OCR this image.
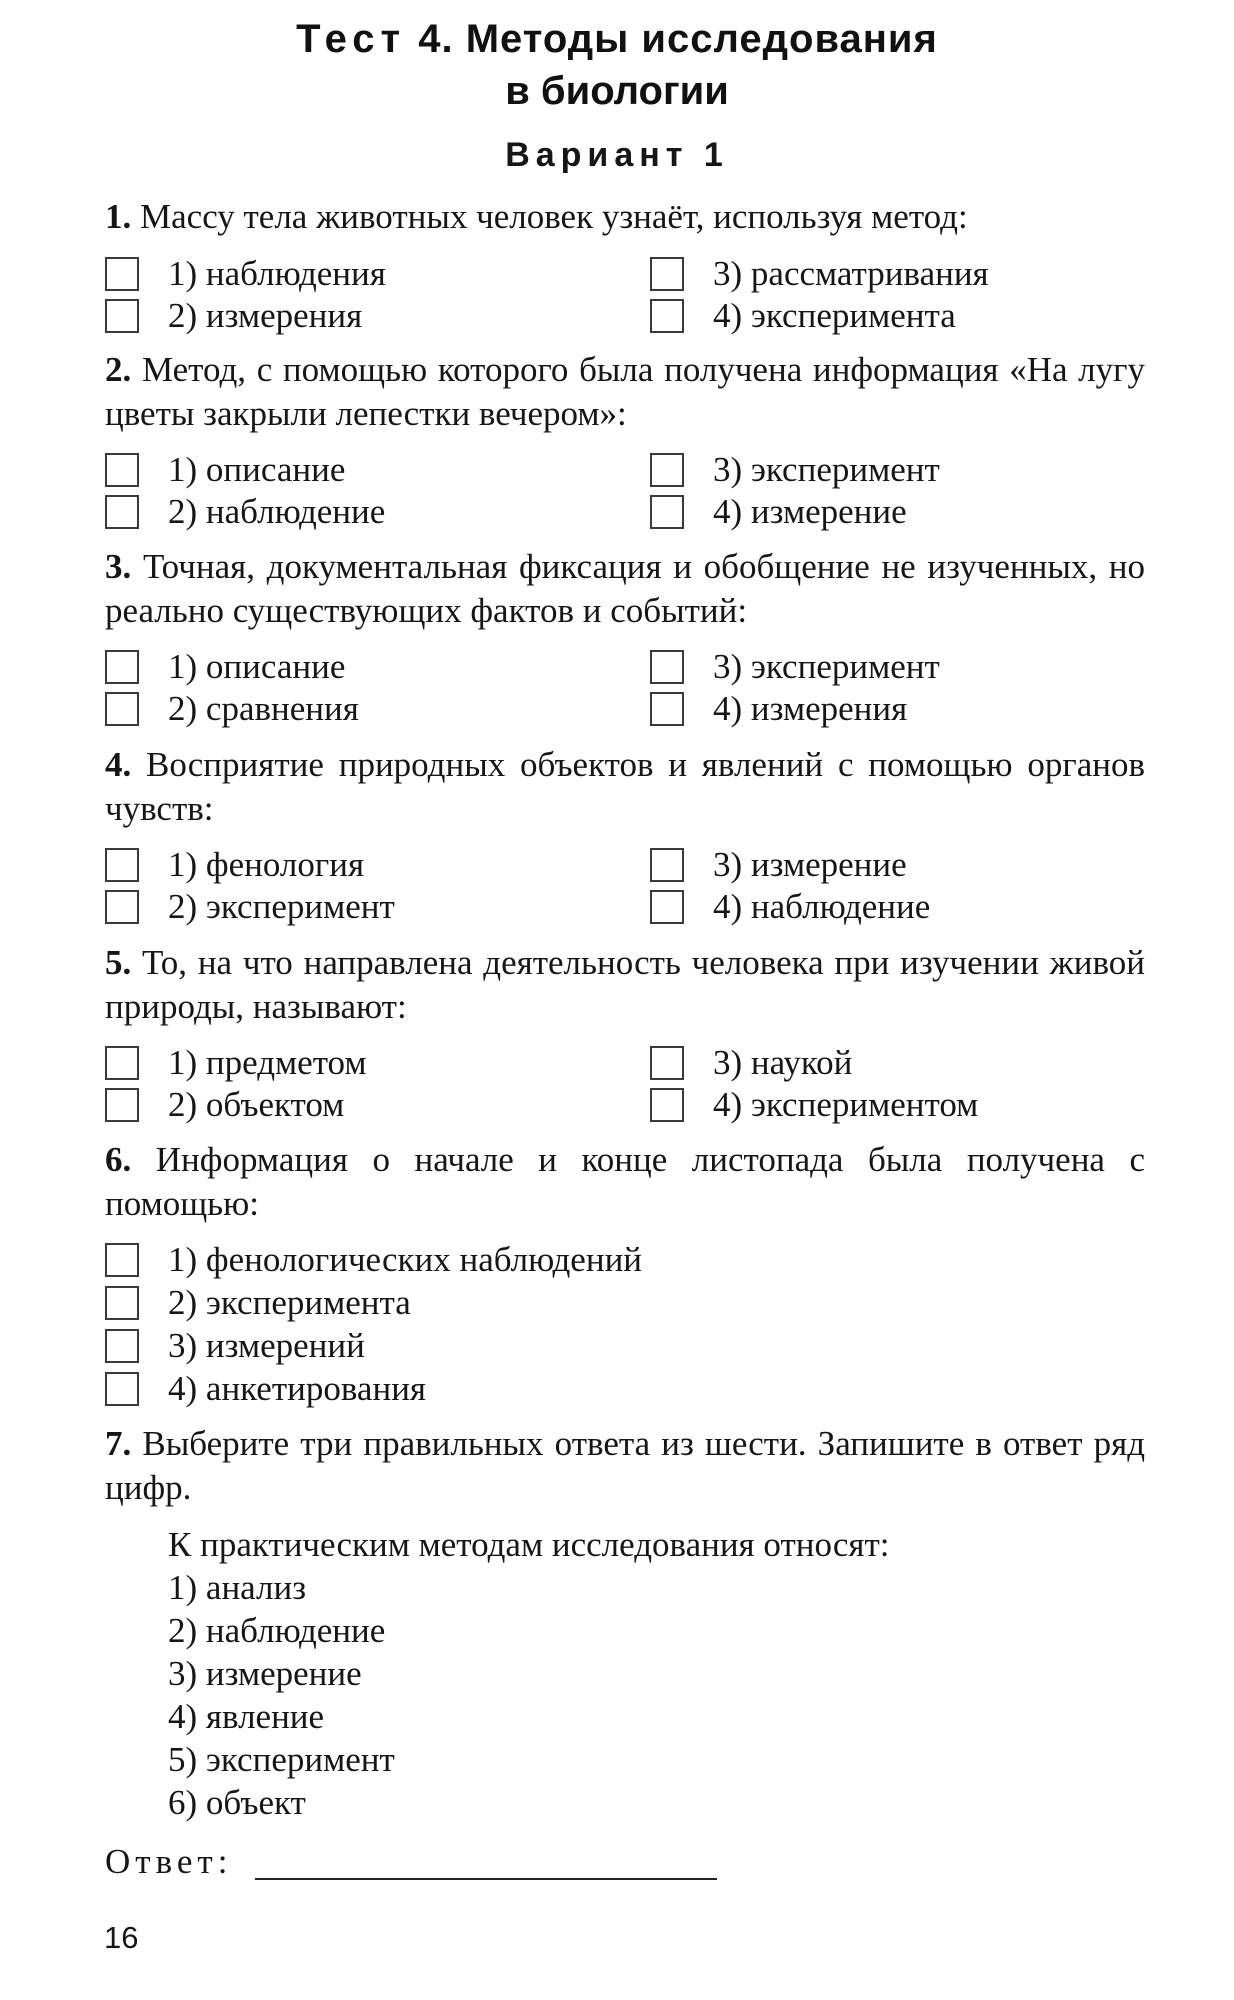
Тест 4. Методы исследования
в биологии
Вариант 1
1. Массу тела животных человек узнаёт, используя метод:
1) наблюдения
2) измерения
3) рассматривания
4) эксперимента
2. Метод, с помощью которого была получена информация «На лугу цветы закрыли лепестки вечером»:
1) описание
2) наблюдение
3) эксперимент
4) измерение
3. Точная, документальная фиксация и обобщение не изученных, но реально существующих фактов и событий:
1) описание
2) сравнения
3) эксперимент
4) измерения
4. Восприятие природных объектов и явлений с помощью органов чувств:
1) фенология
2) эксперимент
3) измерение
4) наблюдение
5. То, на что направлена деятельность человека при изучении живой природы, называют:
1) предметом
2) объектом
3) наукой
4) экспериментом
6. Информация о начале и конце листопада была получена с помощью:
1) фенологических наблюдений
2) эксперимента
3) измерений
4) анкетирования
7. Выберите три правильных ответа из шести. Запишите в ответ ряд цифр.
К практическим методам исследования относят:
1) анализ
2) наблюдение
3) измерение
4) явление
5) эксперимент
6) объект
Ответ:
16
